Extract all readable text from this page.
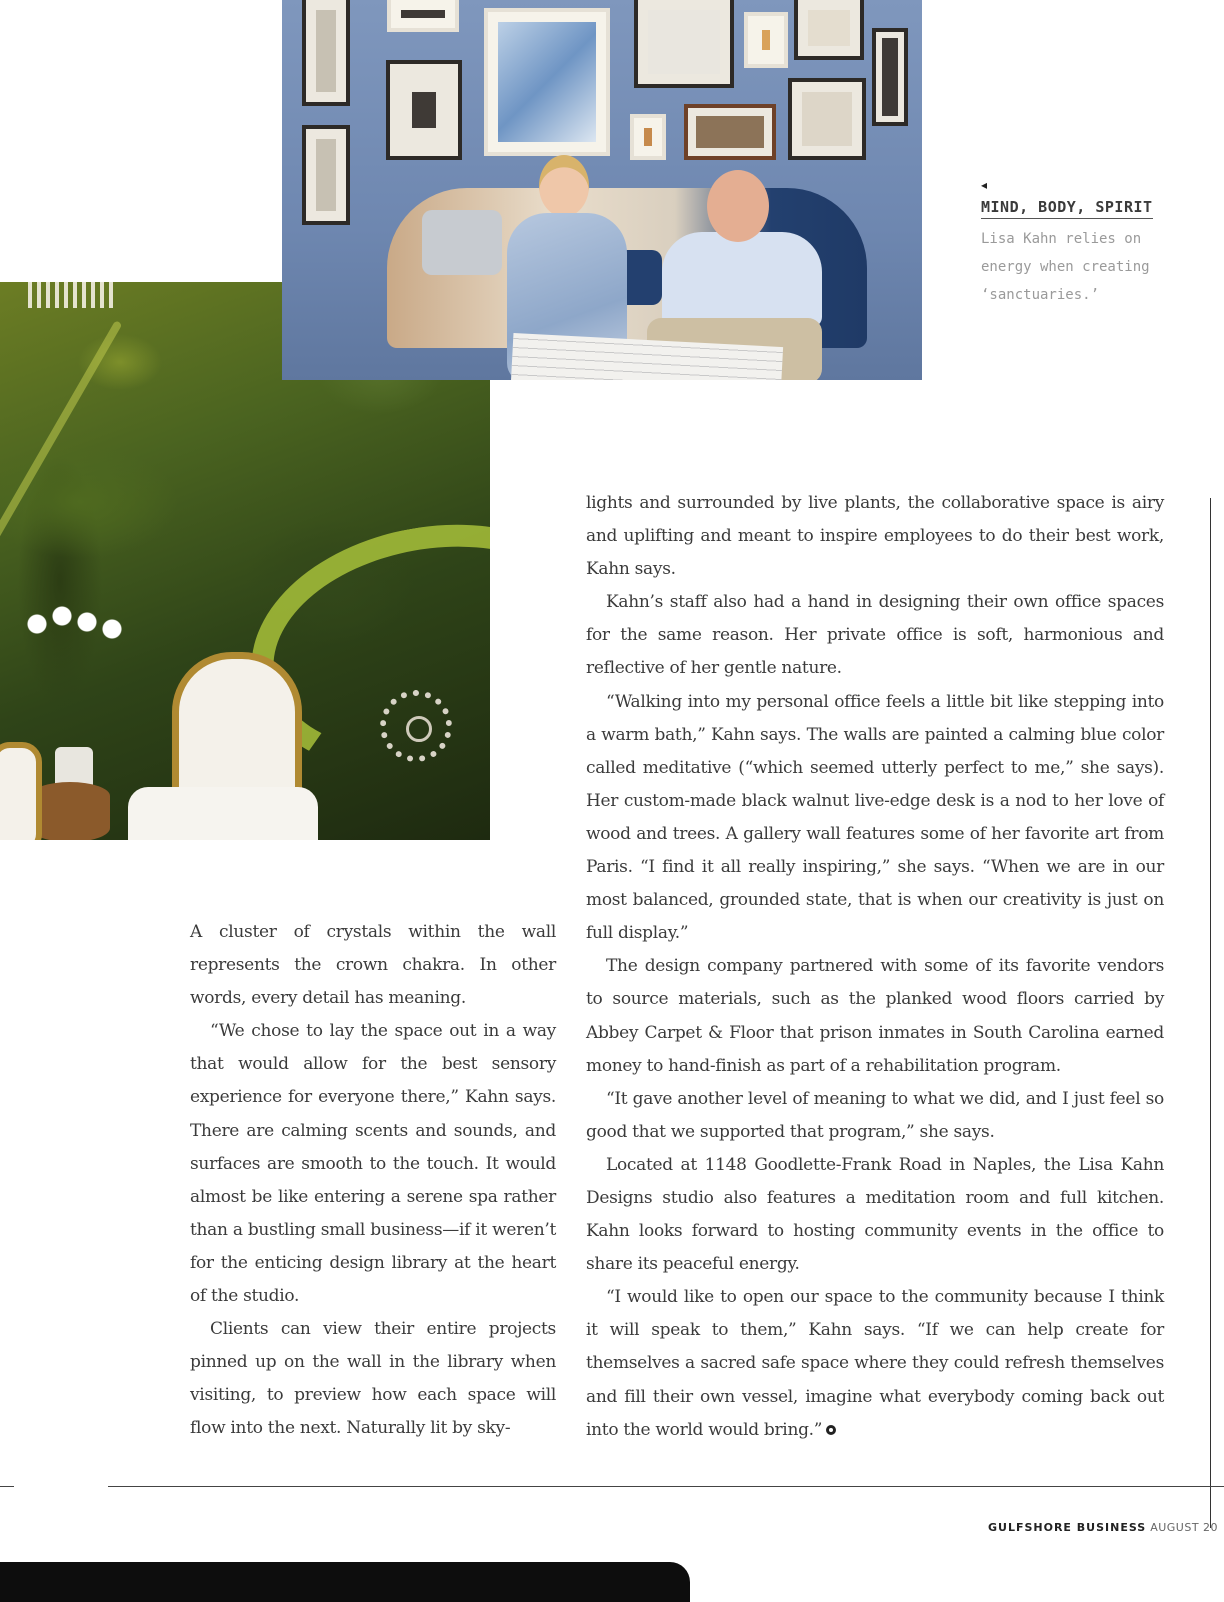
◂
MIND, BODY, SPIRIT
Lisa Kahn relies on energy when creating ‘sanctuaries.’

A cluster of crystals within the wall represents the crown chakra. In other words, every detail has meaning.

“We chose to lay the space out in a way that would allow for the best sensory experience for everyone there,” Kahn says. There are calming scents and sounds, and surfaces are smooth to the touch. It would almost be like entering a serene spa rather than a bustling small business—if it weren’t for the enticing design library at the heart of the studio.

Clients can view their entire projects pinned up on the wall in the library when visiting, to preview how each space will flow into the next. Naturally lit by sky-

lights and surrounded by live plants, the collaborative space is airy and uplifting and meant to inspire employees to do their best work, Kahn says.

Kahn’s staff also had a hand in designing their own office spaces for the same reason. Her private office is soft, harmonious and reflective of her gentle nature.

“Walking into my personal office feels a little bit like stepping into a warm bath,” Kahn says. The walls are painted a calming blue color called meditative (“which seemed utterly perfect to me,” she says). Her custom-made black walnut live-edge desk is a nod to her love of wood and trees. A gallery wall features some of her favorite art from Paris. “I find it all really inspiring,” she says. “When we are in our most balanced, grounded state, that is when our creativity is just on full display.”

The design company partnered with some of its favorite vendors to source materials, such as the planked wood floors carried by Abbey Carpet & Floor that prison inmates in South Carolina earned money to hand-finish as part of a rehabilitation program.

“It gave another level of meaning to what we did, and I just feel so good that we supported that program,” she says.

Located at 1148 Goodlette-Frank Road in Naples, the Lisa Kahn Designs studio also features a meditation room and full kitchen. Kahn looks forward to hosting community events in the office to share its peaceful energy.

“I would like to open our space to the community because I think it will speak to them,” Kahn says. “If we can help create for themselves a sacred safe space where they could refresh themselves and fill their own vessel, imagine what everybody coming back out into the world would bring.”

GULFSHORE BUSINESS AUGUST 20
